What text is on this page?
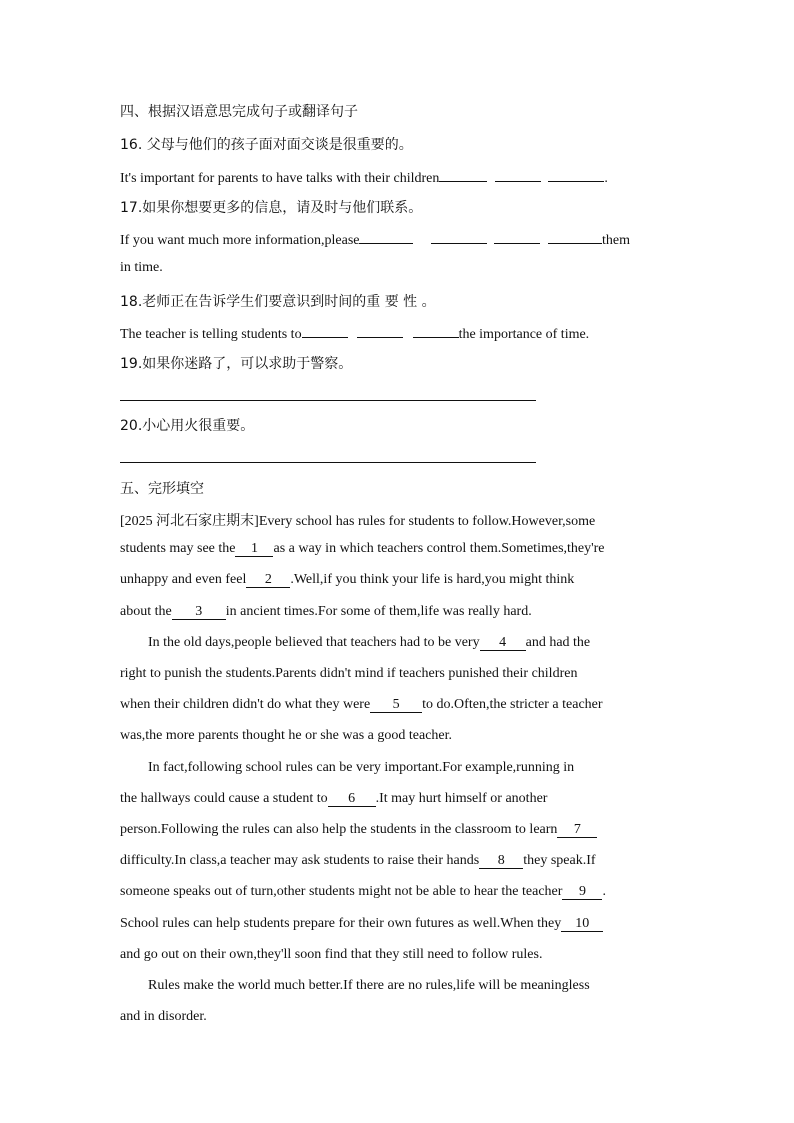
四、根据汉语意思完成句子或翻译句子
16. 父母与他们的孩子面对面交谈是很重要的。
It's important for parents to have talks with their children	.
17.如果你想要更多的信息，请及时与他们联系。
If you want much more information,please	them
in time.
18.老师正在告诉学生们要意识到时间的重 要 性 。
The teacher is telling students to	the importance of time.
19.如果你迷路了，可以求助于警察。
20.小心用火很重要。
五、完形填空
[2025 河北石家庄期末]Every school has rules for students to follow.However,some
students may see the 1 as a way in which teachers control them.Sometimes,they're
unhappy and even feel 2 .Well,if you think your life is hard,you might think
about the 3 in ancient times.For some of them,life was really hard.
In the old days,people believed that teachers had to be very 4 and had the
right to punish the students.Parents didn't mind if teachers punished their children
when their children didn't do what they were 5 to do.Often,the stricter a teacher
was,the more parents thought he or she was a good teacher.
In fact,following school rules can be very important.For example,running in
the hallways could cause a student to 6 .It may hurt himself or another
person.Following the rules can also help the students in the classroom to learn 7
difficulty.In class,a teacher may ask students to raise their hands 8 they speak.If
someone speaks out of turn,other students might not be able to hear the teacher 9 .
School rules can help students prepare for their own futures as well.When they 10
and go out on their own,they'll soon find that they still need to follow rules.
Rules make the world much better.If there are no rules,life will be meaningless
and in disorder.
